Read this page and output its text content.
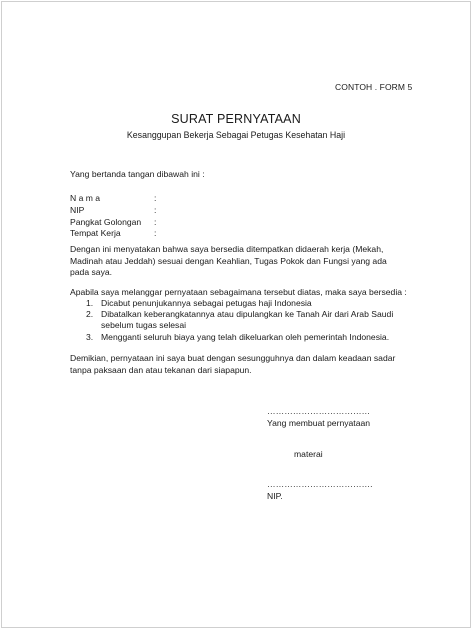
CONTOH . FORM 5
SURAT PERNYATAAN
Kesanggupan Bekerja Sebagai Petugas Kesehatan Haji
Yang bertanda tangan dibawah ini :
N a m a	:
NIP	:
Pangkat Golongan	:
Tempat Kerja	:
Dengan ini menyatakan bahwa saya bersedia ditempatkan didaerah kerja (Mekah, Madinah atau Jeddah) sesuai dengan Keahlian, Tugas Pokok dan Fungsi yang ada pada saya.
Apabila saya melanggar pernyataan sebagaimana tersebut diatas, maka saya bersedia :
1. Dicabut penunjukannya sebagai petugas haji Indonesia
2. Dibatalkan keberangkatannya atau dipulangkan ke Tanah Air dari Arab Saudi sebelum tugas selesai
3. Mengganti seluruh biaya yang telah dikeluarkan oleh pemerintah Indonesia.
Demikian, pernyataan ini saya buat dengan sesungguhnya dan dalam keadaan sadar tanpa paksaan dan atau tekanan dari siapapun.
………………………………
Yang membuat pernyataan
materai
……………………………….
NIP.
